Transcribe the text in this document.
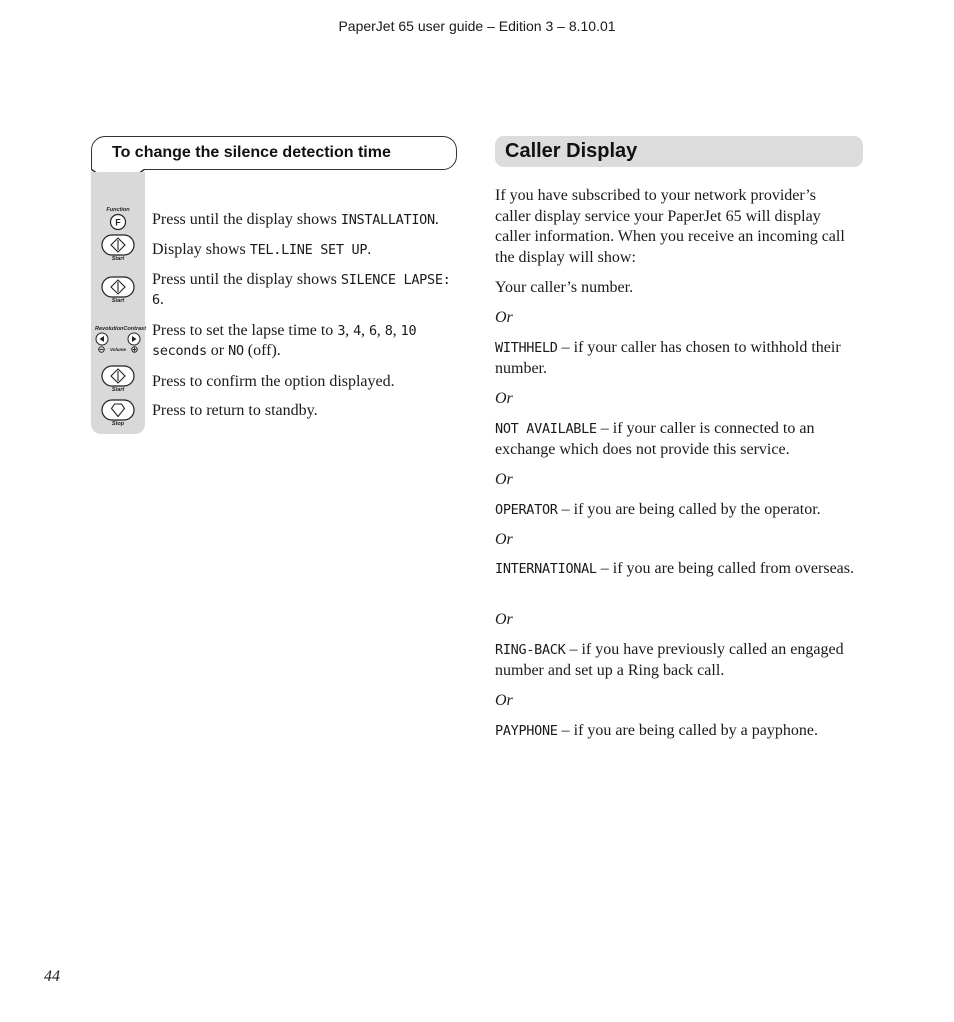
PaperJet 65 user guide – Edition 3 – 8.10.01
To change the silence detection time
Function
F
Start
Start
Revolution Contrast
Volume
Start
Stop
Press until the display shows INSTALLATION.
Display shows TEL.LINE SET UP.
Press until the display shows SILENCE LAPSE: 6.
Press to set the lapse time to 3, 4, 6, 8, 10 seconds or NO (off).
Press to confirm the option displayed.
Press to return to standby.
Caller Display
If you have subscribed to your network provider’s caller display service your PaperJet 65 will display caller information. When you receive an incoming call the display will show:
Your caller’s number.
Or
WITHHELD – if your caller has chosen to withhold their number.
Or
NOT AVAILABLE – if your caller is connected to an exchange which does not provide this service.
Or
OPERATOR – if you are being called by the operator.
Or
INTERNATIONAL – if you are being called from overseas.
Or
RING-BACK – if you have previously called an engaged number and set up a Ring back call.
Or
PAYPHONE – if you are being called by a payphone.
44
